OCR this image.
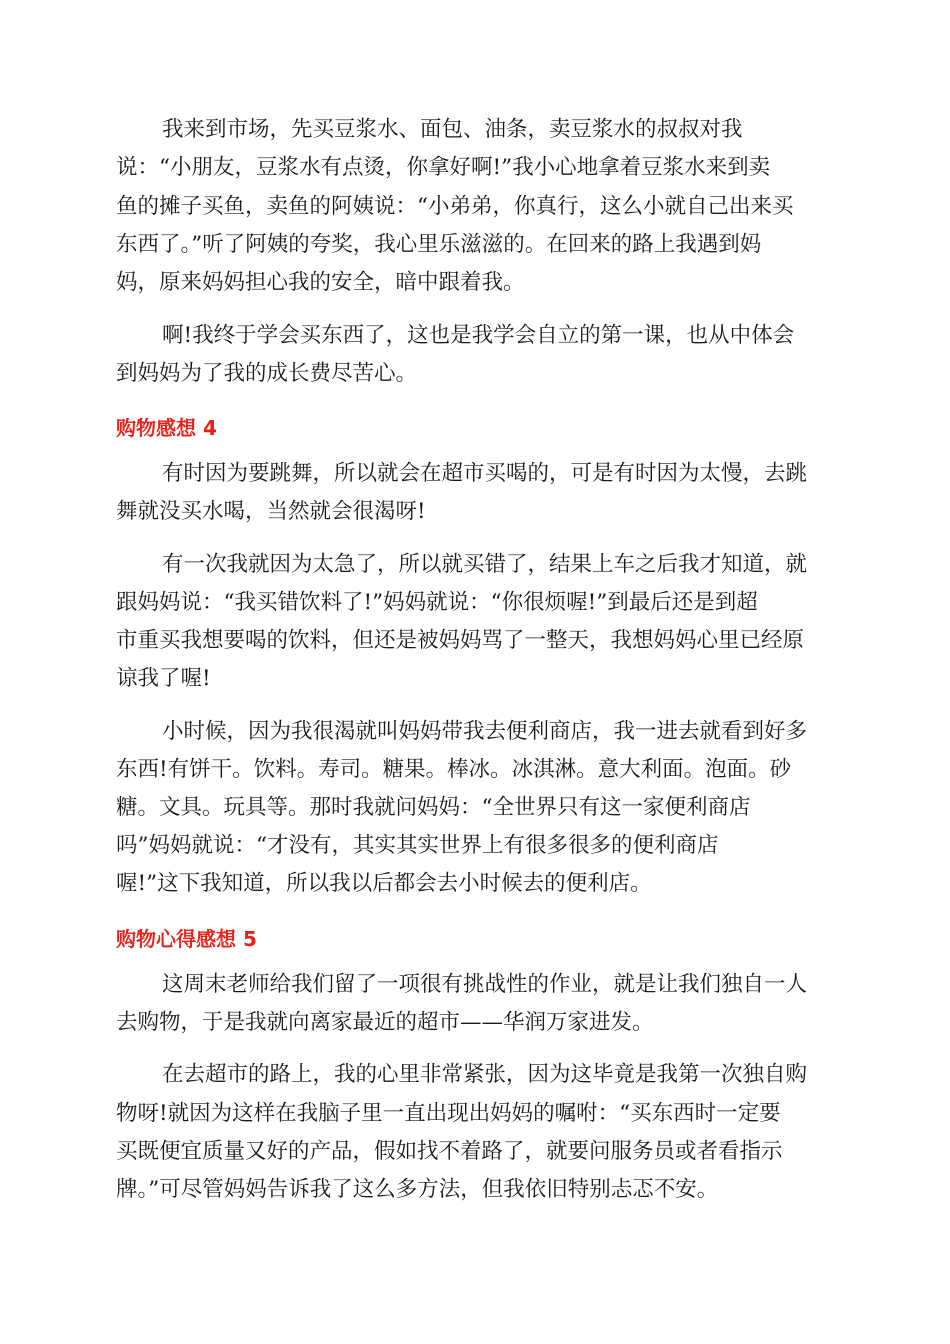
我来到市场，先买豆浆水、面包、油条，卖豆浆水的叔叔对我
说：“小朋友，豆浆水有点烫，你拿好啊!”我小心地拿着豆浆水来到卖
鱼的摊子买鱼，卖鱼的阿姨说：“小弟弟，你真行，这么小就自己出来买
东西了。”听了阿姨的夸奖，我心里乐滋滋的。在回来的路上我遇到妈
妈，原来妈妈担心我的安全，暗中跟着我。
啊!我终于学会买东西了，这也是我学会自立的第一课，也从中体会
到妈妈为了我的成长费尽苦心。
购物感想 4
有时因为要跳舞，所以就会在超市买喝的，可是有时因为太慢，去跳
舞就没买水喝，当然就会很渴呀!
有一次我就因为太急了，所以就买错了，结果上车之后我才知道，就
跟妈妈说：“我买错饮料了!”妈妈就说：“你很烦喔!”到最后还是到超
市重买我想要喝的饮料，但还是被妈妈骂了一整天，我想妈妈心里已经原
谅我了喔!
小时候，因为我很渴就叫妈妈带我去便利商店，我一进去就看到好多
东西!有饼干。饮料。寿司。糖果。棒冰。冰淇淋。意大利面。泡面。砂
糖。文具。玩具等。那时我就问妈妈：“全世界只有这一家便利商店
吗”妈妈就说：“才没有，其实其实世界上有很多很多的便利商店
喔!”这下我知道，所以我以后都会去小时候去的便利店。
购物心得感想 5
这周末老师给我们留了一项很有挑战性的作业，就是让我们独自一人
去购物，于是我就向离家最近的超市——华润万家进发。
在去超市的路上，我的心里非常紧张，因为这毕竟是我第一次独自购
物呀!就因为这样在我脑子里一直出现出妈妈的嘱咐：“买东西时一定要
买既便宜质量又好的产品，假如找不着路了，就要问服务员或者看指示
牌。”可尽管妈妈告诉我了这么多方法，但我依旧特别忐忑不安。
